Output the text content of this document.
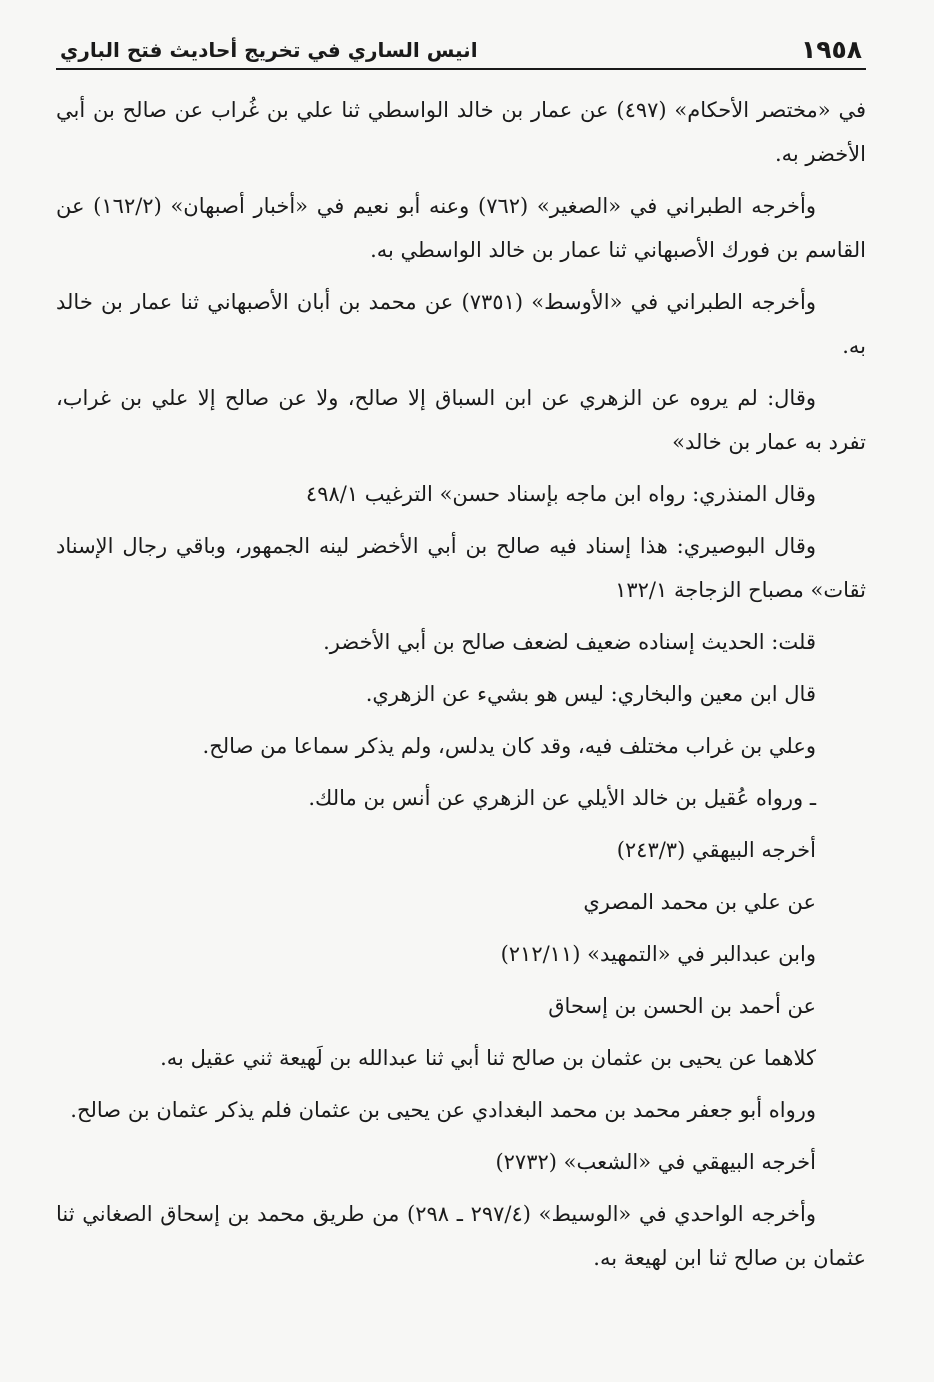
١٩٥٨
انيس الساري في تخريج أحاديث فتح الباري

في «مختصر الأحكام» (٤٩٧) عن عمار بن خالد الواسطي ثنا علي بن غُراب عن صالح بن أبي الأخضر به.

وأخرجه الطبراني في «الصغير» (٧٦٢) وعنه أبو نعيم في «أخبار أصبهان» (١٦٢/٢) عن القاسم بن فورك الأصبهاني ثنا عمار بن خالد الواسطي به.

وأخرجه الطبراني في «الأوسط» (٧٣٥١) عن محمد بن أبان الأصبهاني ثنا عمار بن خالد به.

وقال: لم يروه عن الزهري عن ابن السباق إلا صالح، ولا عن صالح إلا علي بن غراب، تفرد به عمار بن خالد»

وقال المنذري: رواه ابن ماجه بإسناد حسن» الترغيب ٤٩٨/١

وقال البوصيري: هذا إسناد فيه صالح بن أبي الأخضر لينه الجمهور، وباقي رجال الإسناد ثقات» مصباح الزجاجة ١٣٢/١

قلت: الحديث إسناده ضعيف لضعف صالح بن أبي الأخضر.

قال ابن معين والبخاري: ليس هو بشيء عن الزهري.

وعلي بن غراب مختلف فيه، وقد كان يدلس، ولم يذكر سماعا من صالح.

ـ ورواه عُقيل بن خالد الأيلي عن الزهري عن أنس بن مالك.

أخرجه البيهقي (٢٤٣/٣)

عن علي بن محمد المصري

وابن عبدالبر في «التمهيد» (٢١٢/١١)

عن أحمد بن الحسن بن إسحاق

كلاهما عن يحيى بن عثمان بن صالح ثنا أبي ثنا عبدالله بن لَهيعة ثني عقيل به.

ورواه أبو جعفر محمد بن محمد البغدادي عن يحيى بن عثمان فلم يذكر عثمان بن صالح.

أخرجه البيهقي في «الشعب» (٢٧٣٢)

وأخرجه الواحدي في «الوسيط» (٢٩٧/٤ ـ ٢٩٨) من طريق محمد بن إسحاق الصغاني ثنا عثمان بن صالح ثنا ابن لهيعة به.
